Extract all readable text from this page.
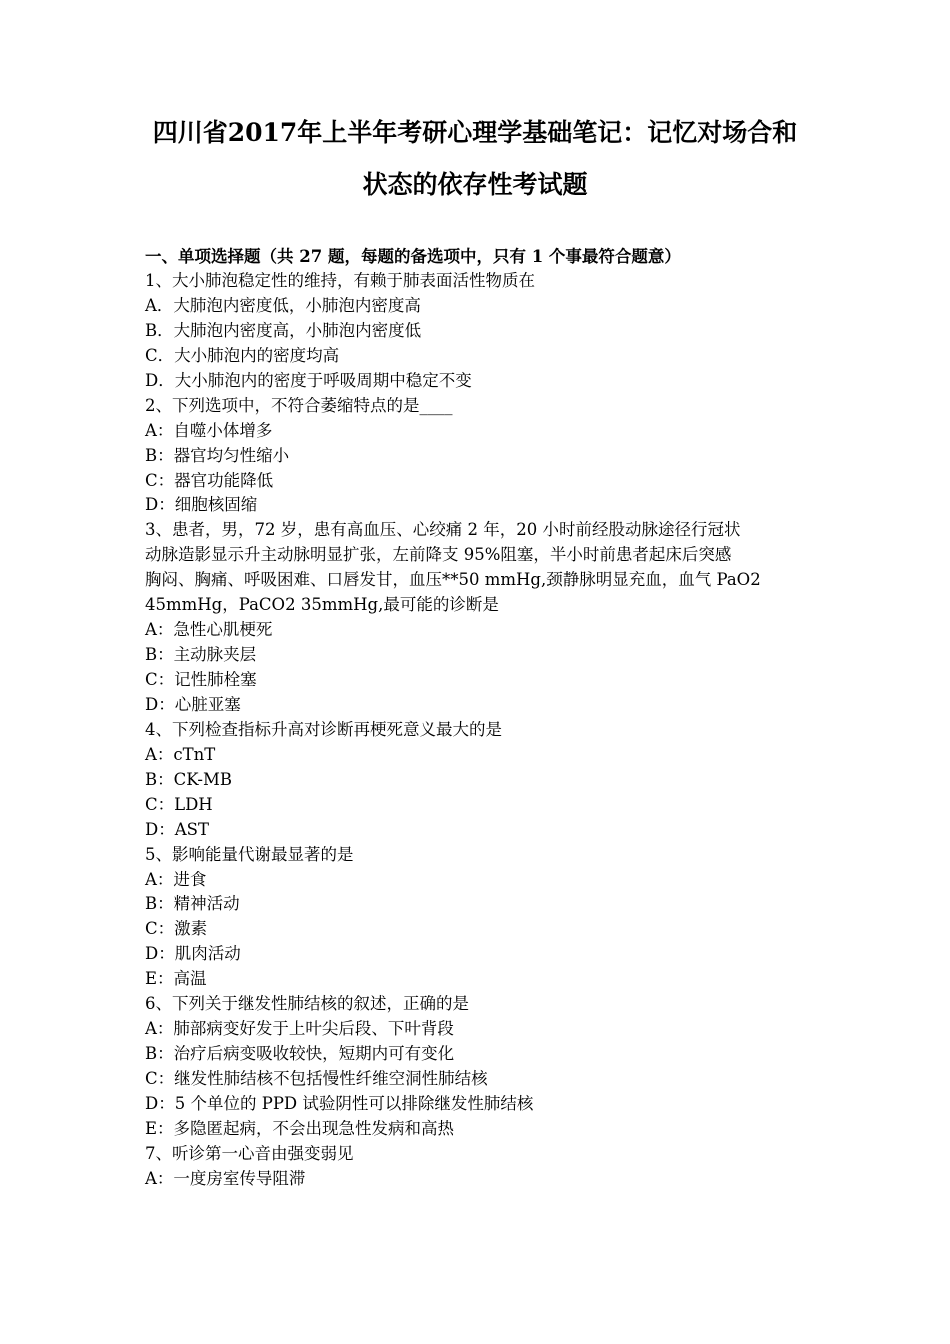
四川省2017年上半年考研心理学基础笔记：记忆对场合和
状态的依存性考试题
一、单项选择题（共 27 题，每题的备选项中，只有 1 个事最符合题意）
1、大小肺泡稳定性的维持，有赖于肺表面活性物质在
A．大肺泡内密度低，小肺泡内密度高
B．大肺泡内密度高，小肺泡内密度低
C．大小肺泡内的密度均高
D．大小肺泡内的密度于呼吸周期中稳定不变
2、下列选项中，不符合萎缩特点的是____
A：自噬小体增多
B：器官均匀性缩小
C：器官功能降低
D：细胞核固缩
3、患者，男，72 岁，患有高血压、心绞痛 2 年，20 小时前经股动脉途径行冠状
动脉造影显示升主动脉明显扩张，左前降支 95%阻塞，半小时前患者起床后突感
胸闷、胸痛、呼吸困难、口唇发甘，血压**50 mmHg,颈静脉明显充血，血气 PaO2
45mmHg，PaCO2 35mmHg,最可能的诊断是
A：急性心肌梗死
B：主动脉夹层
C：记性肺栓塞
D：心脏亚塞
4、下列检查指标升高对诊断再梗死意义最大的是
A：cTnT
B：CK-MB
C：LDH
D：AST
5、影响能量代谢最显著的是
A：进食
B：精神活动
C：激素
D：肌肉活动
E：高温
6、下列关于继发性肺结核的叙述，正确的是
A：肺部病变好发于上叶尖后段、下叶背段
B：治疗后病变吸收较快，短期内可有变化
C：继发性肺结核不包括慢性纤维空洞性肺结核
D：5 个单位的 PPD 试验阴性可以排除继发性肺结核
E：多隐匿起病，不会出现急性发病和高热
7、听诊第一心音由强变弱见
A：一度房室传导阻滞
